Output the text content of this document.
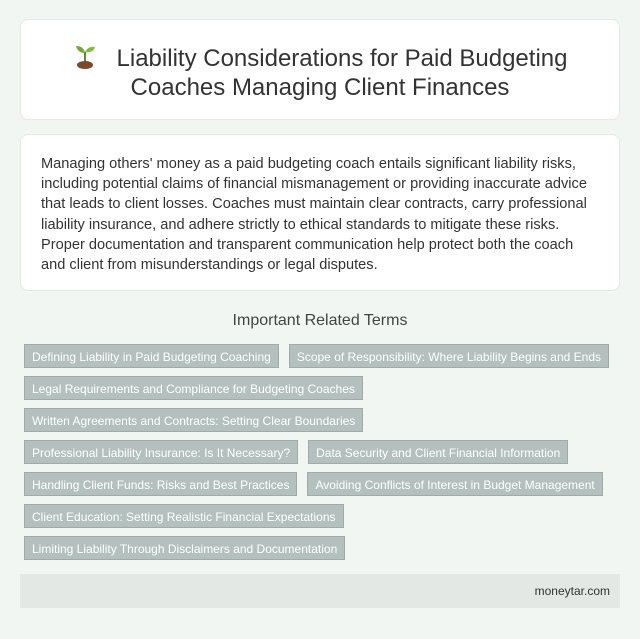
Liability Considerations for Paid Budgeting
Coaches Managing Client Finances

Managing others' money as a paid budgeting coach entails significant liability risks, including potential claims of financial mismanagement or providing inaccurate advice that leads to client losses. Coaches must maintain clear contracts, carry professional liability insurance, and adhere strictly to ethical standards to mitigate these risks. Proper documentation and transparent communication help protect both the coach and client from misunderstandings or legal disputes.

Important Related Terms
Defining Liability in Paid Budgeting Coaching Scope of Responsibility: Where Liability Begins and Ends
Legal Requirements and Compliance for Budgeting Coaches
Written Agreements and Contracts: Setting Clear Boundaries
Professional Liability Insurance: Is It Necessary? Data Security and Client Financial Information
Handling Client Funds: Risks and Best Practices Avoiding Conflicts of Interest in Budget Management
Client Education: Setting Realistic Financial Expectations
Limiting Liability Through Disclaimers and Documentation
moneytar.com
